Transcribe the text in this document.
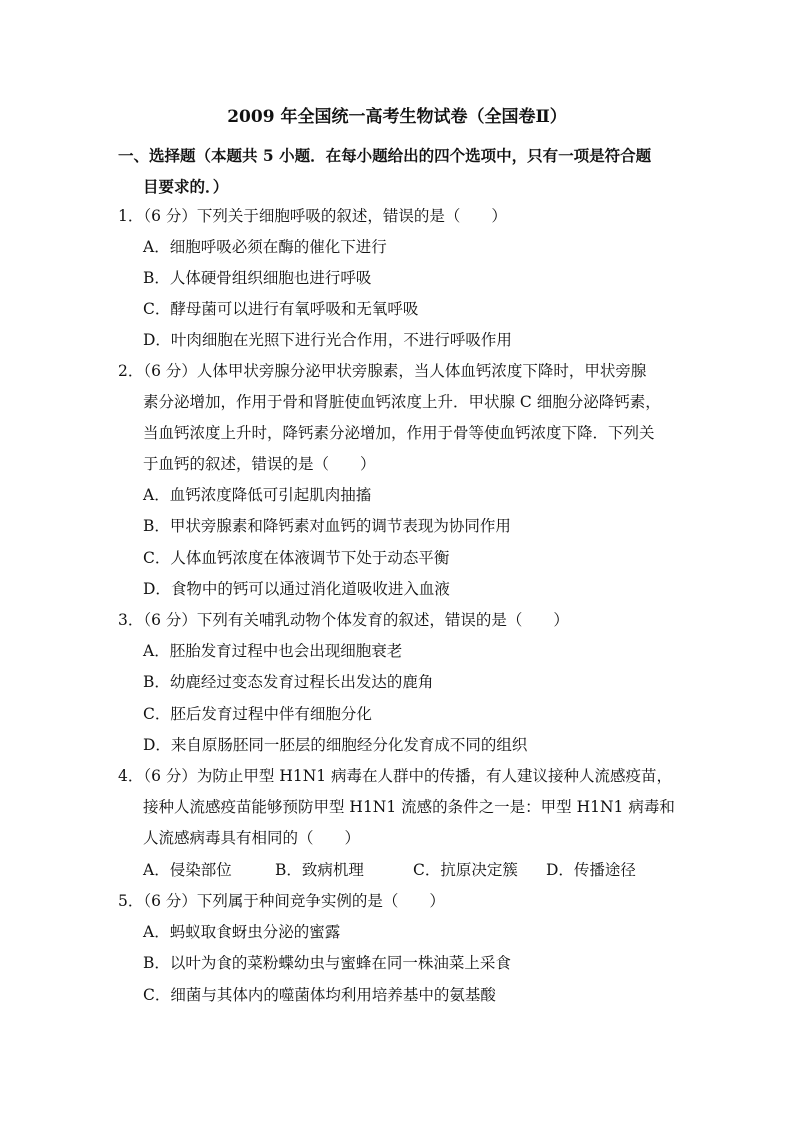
2009 年全国统一高考生物试卷（全国卷Ⅱ）
一、选择题（本题共 5 小题．在每小题给出的四个选项中，只有一项是符合题
目要求的．）
1．（6 分）下列关于细胞呼吸的叙述，错误的是（　　）
A．细胞呼吸必须在酶的催化下进行
B．人体硬骨组织细胞也进行呼吸
C．酵母菌可以进行有氧呼吸和无氧呼吸
D．叶肉细胞在光照下进行光合作用，不进行呼吸作用
2．（6 分）人体甲状旁腺分泌甲状旁腺素，当人体血钙浓度下降时，甲状旁腺
素分泌增加，作用于骨和肾脏使血钙浓度上升．甲状腺 C 细胞分泌降钙素，
当血钙浓度上升时，降钙素分泌增加，作用于骨等使血钙浓度下降．下列关
于血钙的叙述，错误的是（　　）
A．血钙浓度降低可引起肌肉抽搐
B．甲状旁腺素和降钙素对血钙的调节表现为协同作用
C．人体血钙浓度在体液调节下处于动态平衡
D．食物中的钙可以通过消化道吸收进入血液
3．（6 分）下列有关哺乳动物个体发育的叙述，错误的是（　　）
A．胚胎发育过程中也会出现细胞衰老
B．幼鹿经过变态发育过程长出发达的鹿角
C．胚后发育过程中伴有细胞分化
D．来自原肠胚同一胚层的细胞经分化发育成不同的组织
4．（6 分）为防止甲型 H1N1 病毒在人群中的传播，有人建议接种人流感疫苗，
接种人流感疫苗能够预防甲型 H1N1 流感的条件之一是：甲型 H1N1 病毒和
人流感病毒具有相同的（　　）
A．侵染部位	B．致病机理	C．抗原决定簇 D．传播途径
5．（6 分）下列属于种间竞争实例的是（　　）
A．蚂蚁取食蚜虫分泌的蜜露
B．以叶为食的菜粉蝶幼虫与蜜蜂在同一株油菜上采食
C．细菌与其体内的噬菌体均利用培养基中的氨基酸
